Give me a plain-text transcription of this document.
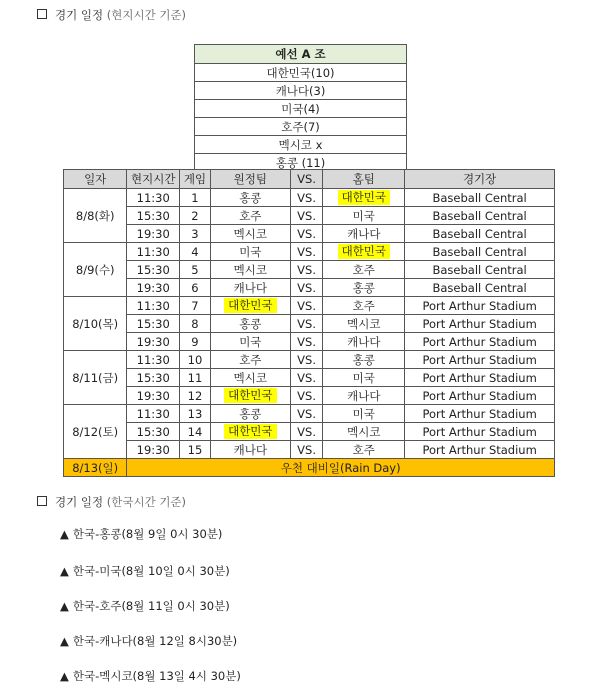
경기 일정 (현지시간 기준)
예선 A 조
대한민국(10)
캐나다(3)
미국(4)
호주(7)
멕시코 x
홍콩 (11)
일자	현지시간	게임	원정팀	VS.	홈팀	경기장
8/8(화)	11:30	1	홍콩	VS.	대한민국	Baseball Central
	15:30	2	호주	VS.	미국	Baseball Central
	19:30	3	멕시코	VS.	캐나다	Baseball Central
8/9(수)	11:30	4	미국	VS.	대한민국	Baseball Central
	15:30	5	멕시코	VS.	호주	Baseball Central
	19:30	6	캐나다	VS.	홍콩	Baseball Central
8/10(목)	11:30	7	대한민국	VS.	호주	Port Arthur Stadium
	15:30	8	홍콩	VS.	멕시코	Port Arthur Stadium
	19:30	9	미국	VS.	캐나다	Port Arthur Stadium
8/11(금)	11:30	10	호주	VS.	홍콩	Port Arthur Stadium
	15:30	11	멕시코	VS.	미국	Port Arthur Stadium
	19:30	12	대한민국	VS.	캐나다	Port Arthur Stadium
8/12(토)	11:30	13	홍콩	VS.	미국	Port Arthur Stadium
	15:30	14	대한민국	VS.	멕시코	Port Arthur Stadium
	19:30	15	캐나다	VS.	호주	Port Arthur Stadium
8/13(일)	우천 대비일(Rain Day)					
경기 일정 (한국시간 기준)
▲ 한국-홍콩(8월 9일 0시 30분)
▲ 한국-미국(8월 10일 0시 30분)
▲ 한국-호주(8월 11일 0시 30분)
▲ 한국-캐나다(8월 12일 8시30분)
▲ 한국-멕시코(8월 13일 4시 30분)
